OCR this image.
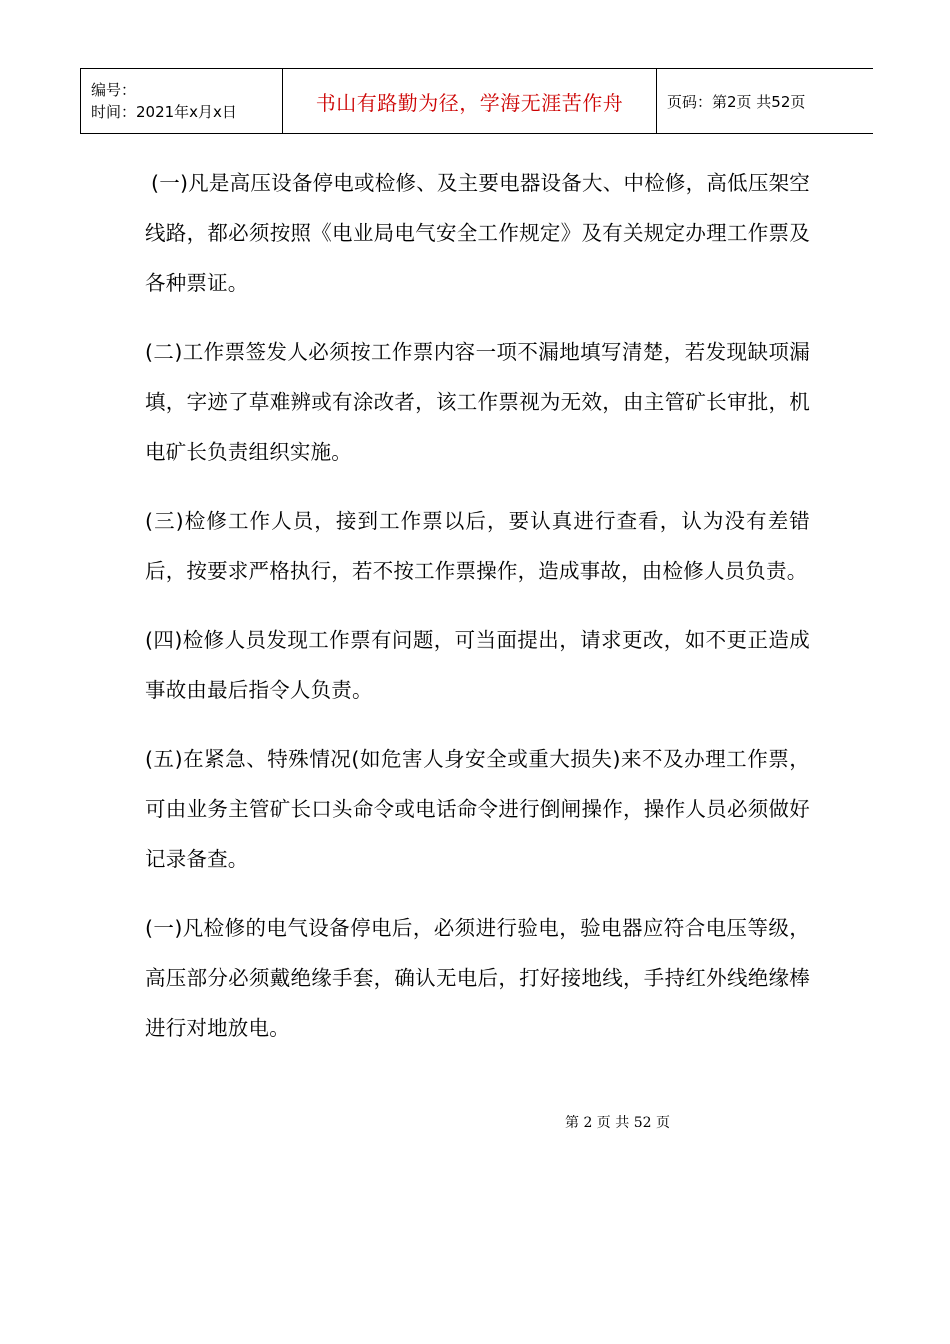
编号：
时间：2021年x月x日	书山有路勤为径，学海无涯苦作舟	页码：第2页 共52页

(一)凡是高压设备停电或检修、及主要电器设备大、中检修，高低压架空线路，都必须按照《电业局电气安全工作规定》及有关规定办理工作票及各种票证。

(二)工作票签发人必须按工作票内容一项不漏地填写清楚，若发现缺项漏填，字迹了草难辨或有涂改者，该工作票视为无效，由主管矿长审批，机电矿长负责组织实施。

(三)检修工作人员，接到工作票以后，要认真进行查看，认为没有差错后，按要求严格执行，若不按工作票操作，造成事故，由检修人员负责。

(四)检修人员发现工作票有问题，可当面提出，请求更改，如不更正造成事故由最后指令人负责。

(五)在紧急、特殊情况(如危害人身安全或重大损失)来不及办理工作票，可由业务主管矿长口头命令或电话命令进行倒闸操作，操作人员必须做好记录备查。

(一)凡检修的电气设备停电后，必须进行验电，验电器应符合电压等级，高压部分必须戴绝缘手套，确认无电后，打好接地线，手持红外线绝缘棒进行对地放电。

第 2 页 共 52 页
